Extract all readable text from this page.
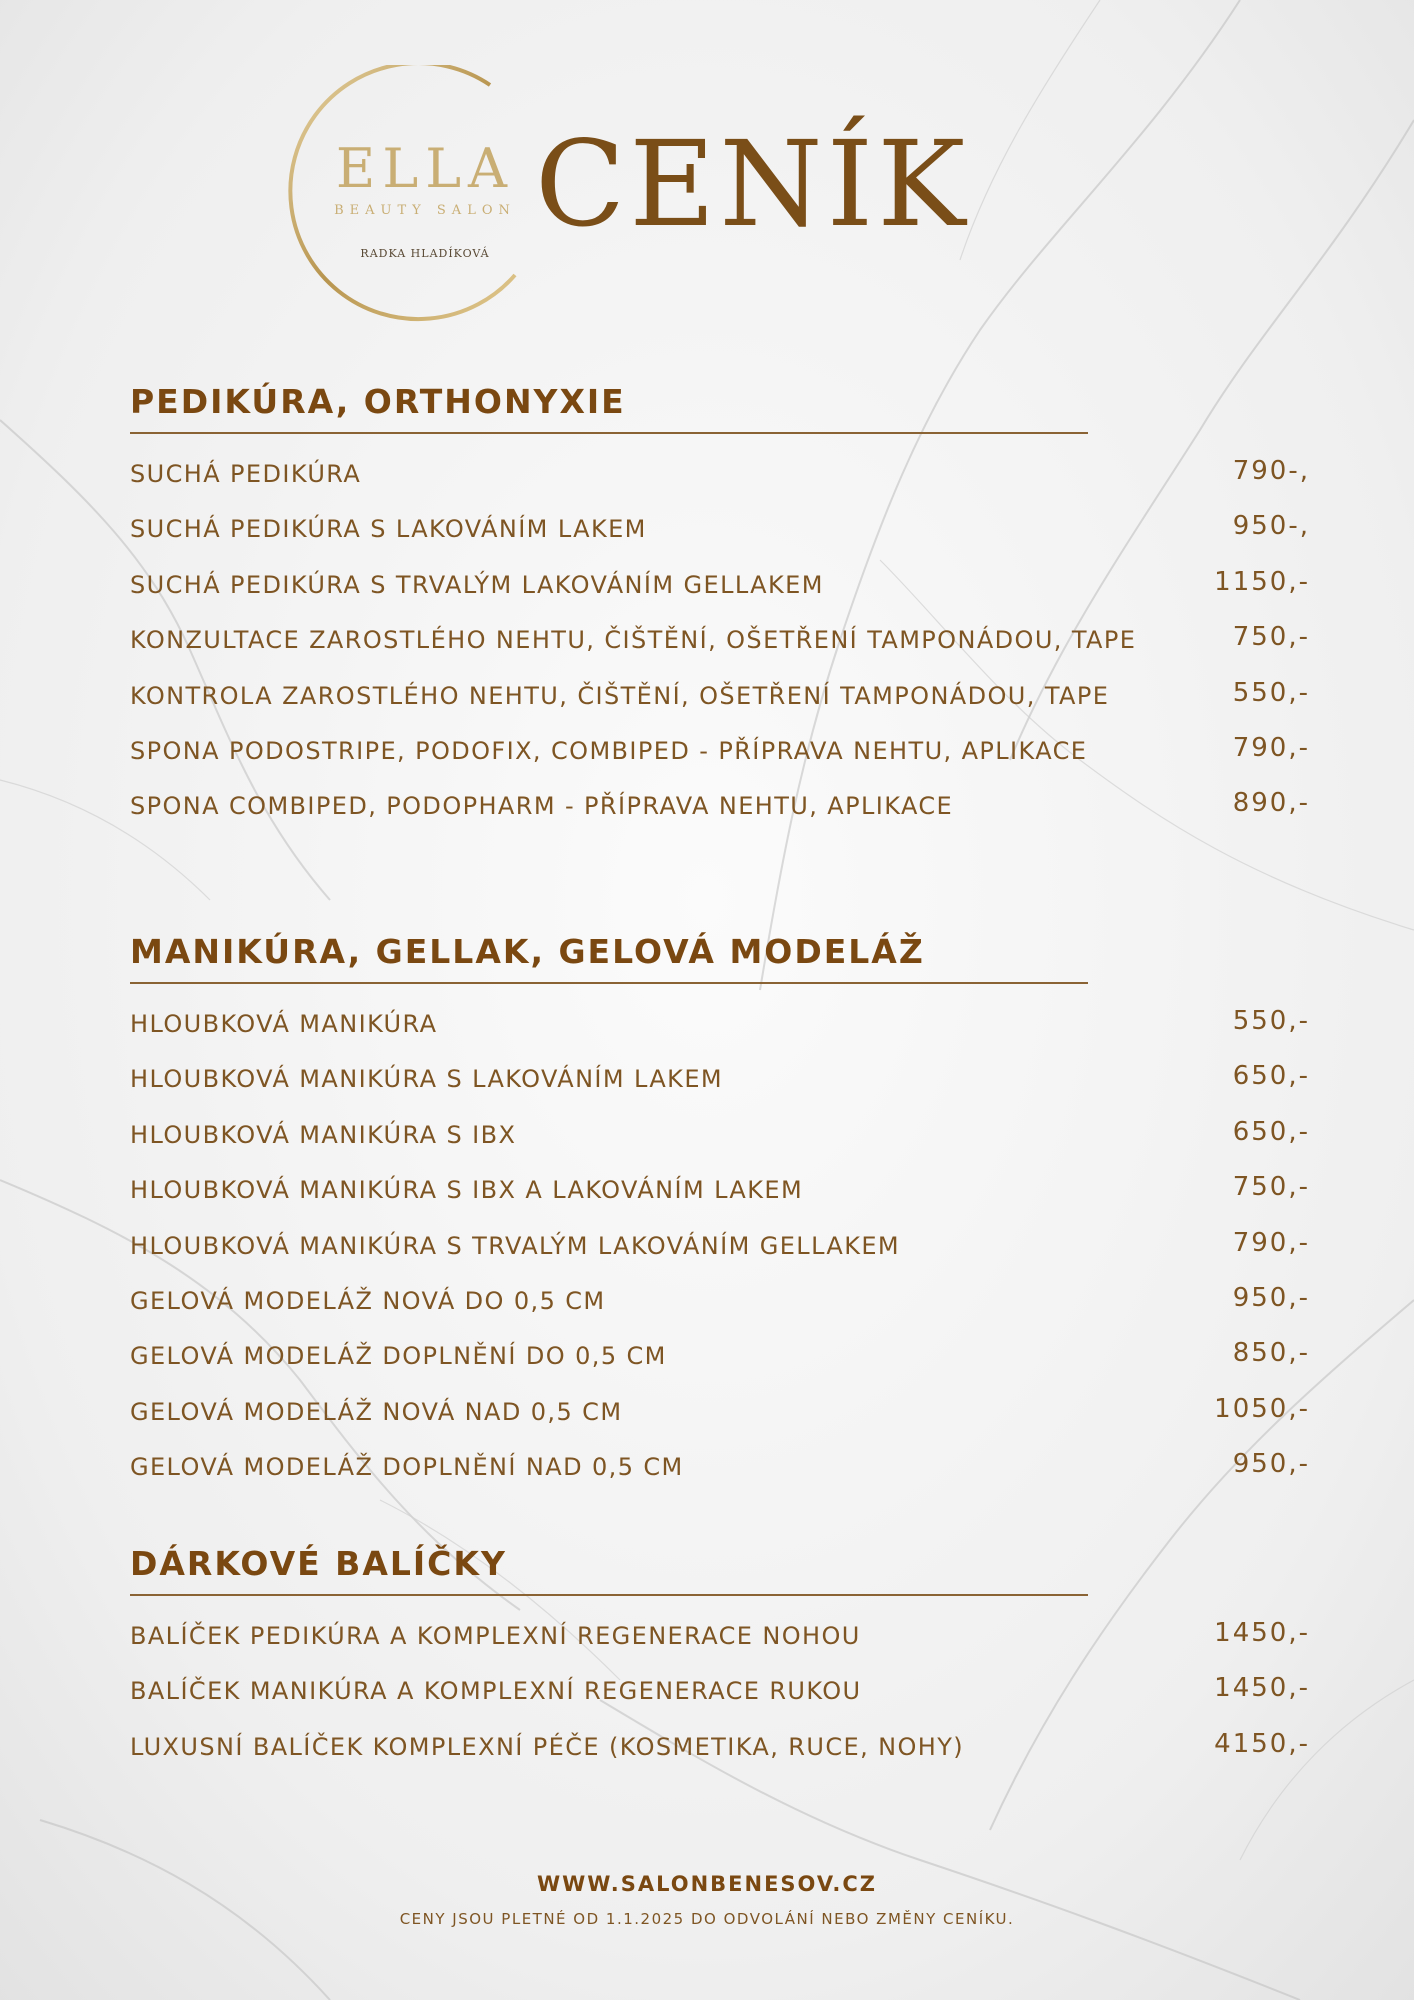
ELLA
BEAUTY SALON
RADKA HLADÍKOVÁ
CENÍK
PEDIKÚRA, ORTHONYXIE
SUCHÁ PEDIKÚRA	790-,
SUCHÁ PEDIKÚRA S LAKOVÁNÍM LAKEM	950-,
SUCHÁ PEDIKÚRA S TRVALÝM LAKOVÁNÍM GELLAKEM	1150,-
KONZULTACE ZAROSTLÉHO NEHTU, ČIŠTĚNÍ, OŠETŘENÍ TAMPONÁDOU, TAPE	750,-
KONTROLA ZAROSTLÉHO NEHTU, ČIŠTĚNÍ, OŠETŘENÍ TAMPONÁDOU, TAPE	550,-
SPONA PODOSTRIPE, PODOFIX, COMBIPED - PŘÍPRAVA NEHTU, APLIKACE	790,-
SPONA COMBIPED, PODOPHARM - PŘÍPRAVA NEHTU, APLIKACE	890,-
MANIKÚRA, GELLAK, GELOVÁ MODELÁŽ
HLOUBKOVÁ MANIKÚRA	550,-
HLOUBKOVÁ MANIKÚRA S LAKOVÁNÍM LAKEM	650,-
HLOUBKOVÁ MANIKÚRA S IBX	650,-
HLOUBKOVÁ MANIKÚRA S IBX A LAKOVÁNÍM LAKEM	750,-
HLOUBKOVÁ MANIKÚRA S TRVALÝM LAKOVÁNÍM GELLAKEM	790,-
GELOVÁ MODELÁŽ NOVÁ DO 0,5 CM	950,-
GELOVÁ MODELÁŽ DOPLNĚNÍ DO 0,5 CM	850,-
GELOVÁ MODELÁŽ NOVÁ NAD 0,5 CM	1050,-
GELOVÁ MODELÁŽ DOPLNĚNÍ NAD 0,5 CM	950,-
DÁRKOVÉ BALÍČKY
BALÍČEK PEDIKÚRA A KOMPLEXNÍ REGENERACE NOHOU	1450,-
BALÍČEK MANIKÚRA A KOMPLEXNÍ REGENERACE RUKOU	1450,-
LUXUSNÍ BALÍČEK KOMPLEXNÍ PÉČE (KOSMETIKA, RUCE, NOHY)	4150,-
WWW.SALONBENESOV.CZ
CENY JSOU PLETNÉ OD 1.1.2025 DO ODVOLÁNÍ NEBO ZMĚNY CENÍKU.
